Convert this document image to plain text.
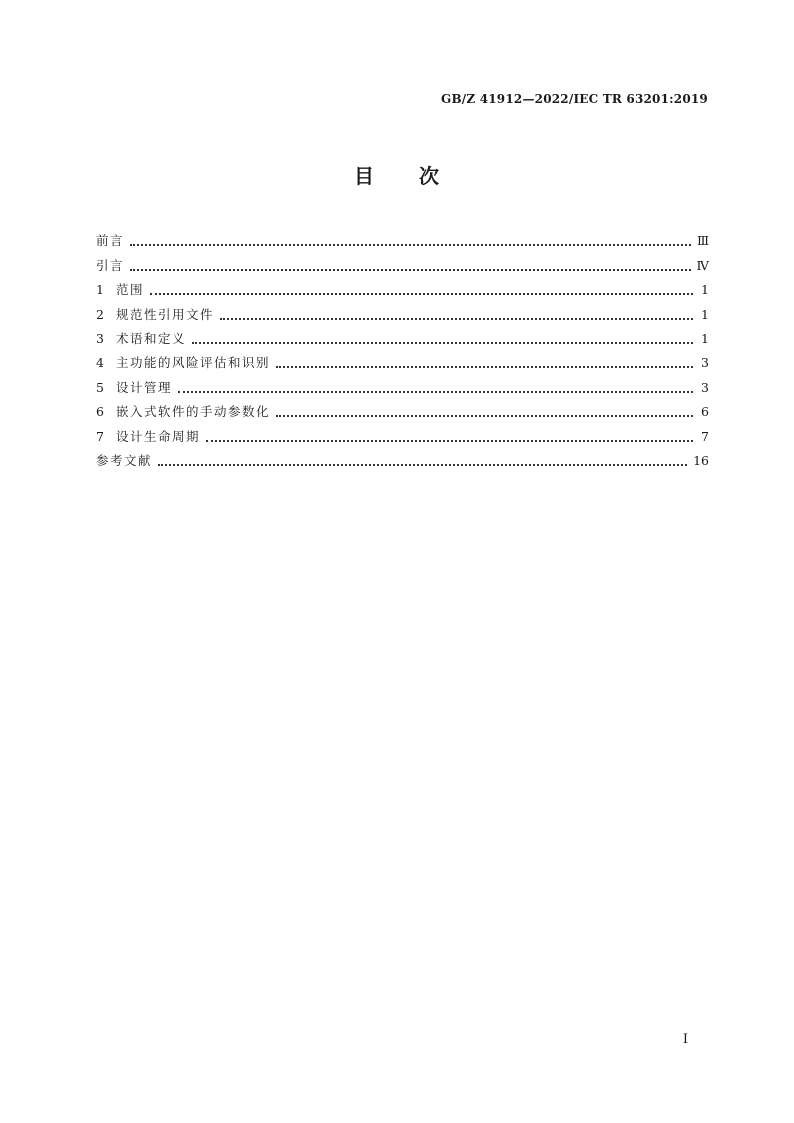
GB/Z 41912—2022/IEC TR 63201:2019
目 次
前言	Ⅲ
引言	Ⅳ
1 范围	1
2 规范性引用文件	1
3 术语和定义	1
4 主功能的风险评估和识别	3
5 设计管理	3
6 嵌入式软件的手动参数化	6
7 设计生命周期	7
参考文献	16
I
